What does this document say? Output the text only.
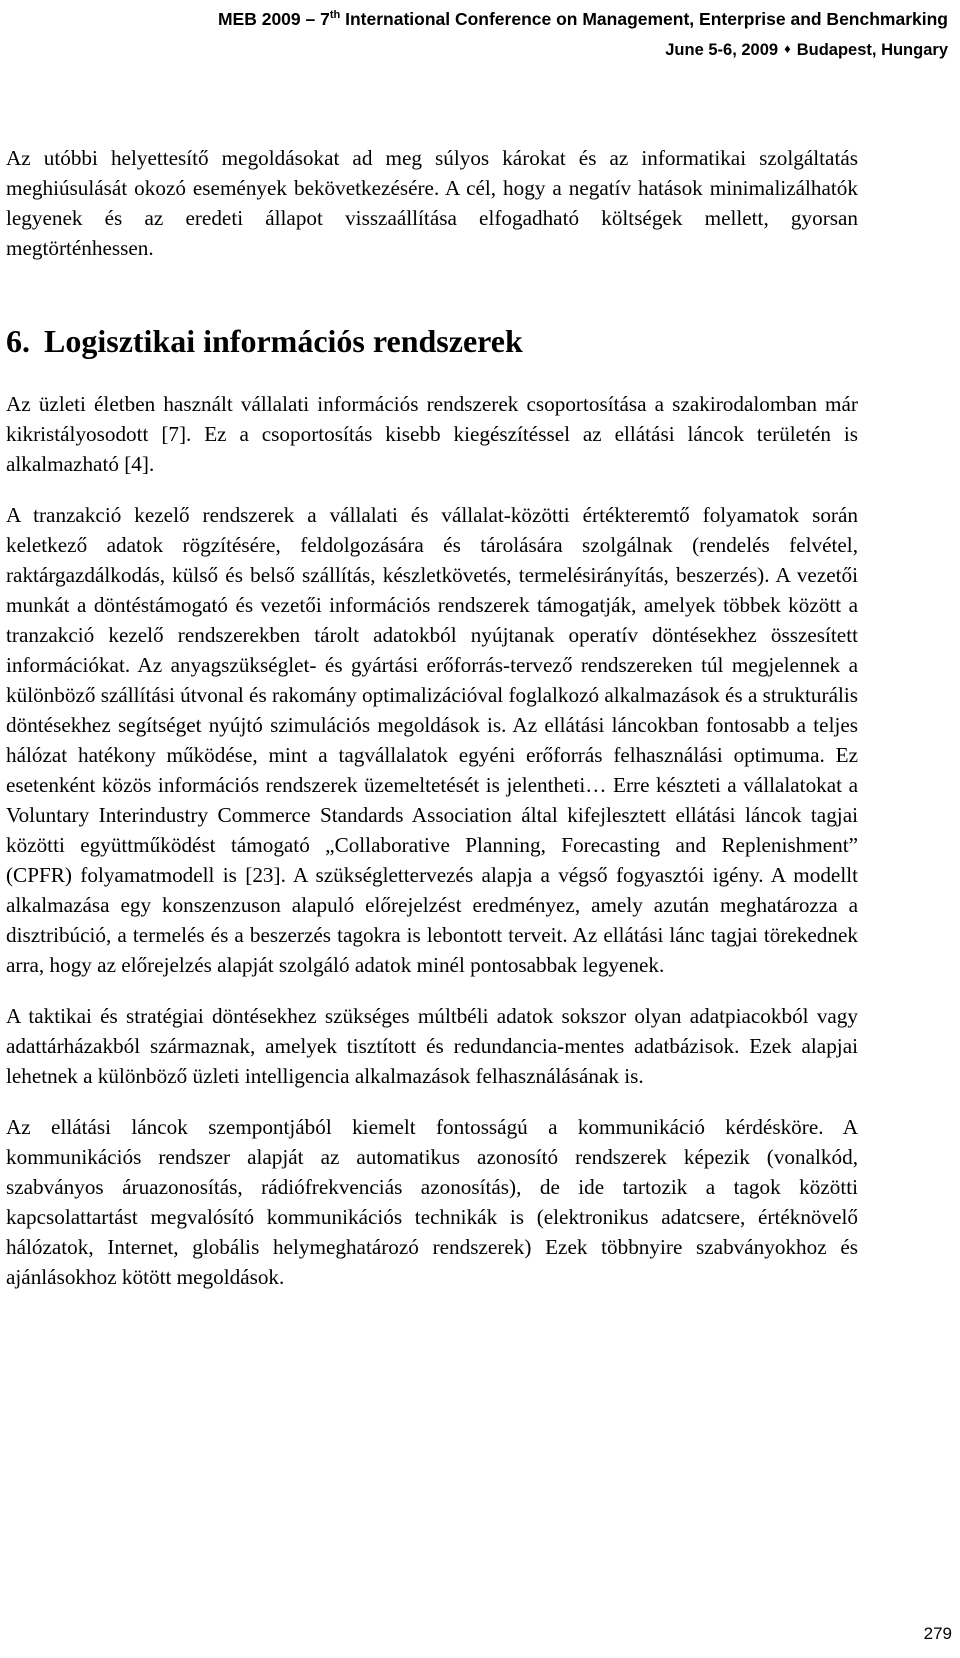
MEB 2009 – 7th International Conference on Management, Enterprise and Benchmarking
June 5-6, 2009 ♦ Budapest, Hungary

Az utóbbi helyettesítő megoldásokat ad meg súlyos károkat és az informatikai szolgáltatás meghiúsulását okozó események bekövetkezésére. A cél, hogy a negatív hatások minimalizálhatók legyenek és az eredeti állapot visszaállítása elfogadható költségek mellett, gyorsan megtörténhessen.

6. Logisztikai információs rendszerek

Az üzleti életben használt vállalati információs rendszerek csoportosítása a szakirodalomban már kikristályosodott [7]. Ez a csoportosítás kisebb kiegészítéssel az ellátási láncok területén is alkalmazható [4].

A tranzakció kezelő rendszerek a vállalati és vállalat-közötti értékteremtő folyamatok során keletkező adatok rögzítésére, feldolgozására és tárolására szolgálnak (rendelés felvétel, raktárgazdálkodás, külső és belső szállítás, készletkövetés, termelésirányítás, beszerzés). A vezetői munkát a döntéstámogató és vezetői információs rendszerek támogatják, amelyek többek között a tranzakció kezelő rendszerekben tárolt adatokból nyújtanak operatív döntésekhez összesített információkat. Az anyagszükséglet- és gyártási erőforrás-tervező rendszereken túl megjelennek a különböző szállítási útvonal és rakomány optimalizációval foglalkozó alkalmazások és a strukturális döntésekhez segítséget nyújtó szimulációs megoldások is. Az ellátási láncokban fontosabb a teljes hálózat hatékony működése, mint a tagvállalatok egyéni erőforrás felhasználási optimuma. Ez esetenként közös információs rendszerek üzemeltetését is jelentheti… Erre készteti a vállalatokat a Voluntary Interindustry Commerce Standards Association által kifejlesztett ellátási láncok tagjai közötti együttműködést támogató „Collaborative Planning, Forecasting and Replenishment” (CPFR) folyamatmodell is [23]. A szükséglettervezés alapja a végső fogyasztói igény. A modellt alkalmazása egy konszenzuson alapuló előrejelzést eredményez, amely azután meghatározza a disztribúció, a termelés és a beszerzés tagokra is lebontott terveit. Az ellátási lánc tagjai törekednek arra, hogy az előrejelzés alapját szolgáló adatok minél pontosabbak legyenek.

A taktikai és stratégiai döntésekhez szükséges múltbéli adatok sokszor olyan adatpiacokból vagy adattárházakból származnak, amelyek tisztított és redundancia-mentes adatbázisok. Ezek alapjai lehetnek a különböző üzleti intelligencia alkalmazások felhasználásának is.

Az ellátási láncok szempontjából kiemelt fontosságú a kommunikáció kérdésköre. A kommunikációs rendszer alapját az automatikus azonosító rendszerek képezik (vonalkód, szabványos áruazonosítás, rádiófrekvenciás azonosítás), de ide tartozik a tagok közötti kapcsolattartást megvalósító kommunikációs technikák is (elektronikus adatcsere, értéknövelő hálózatok, Internet, globális helymeghatározó rendszerek) Ezek többnyire szabványokhoz és ajánlásokhoz kötött megoldások.

279
